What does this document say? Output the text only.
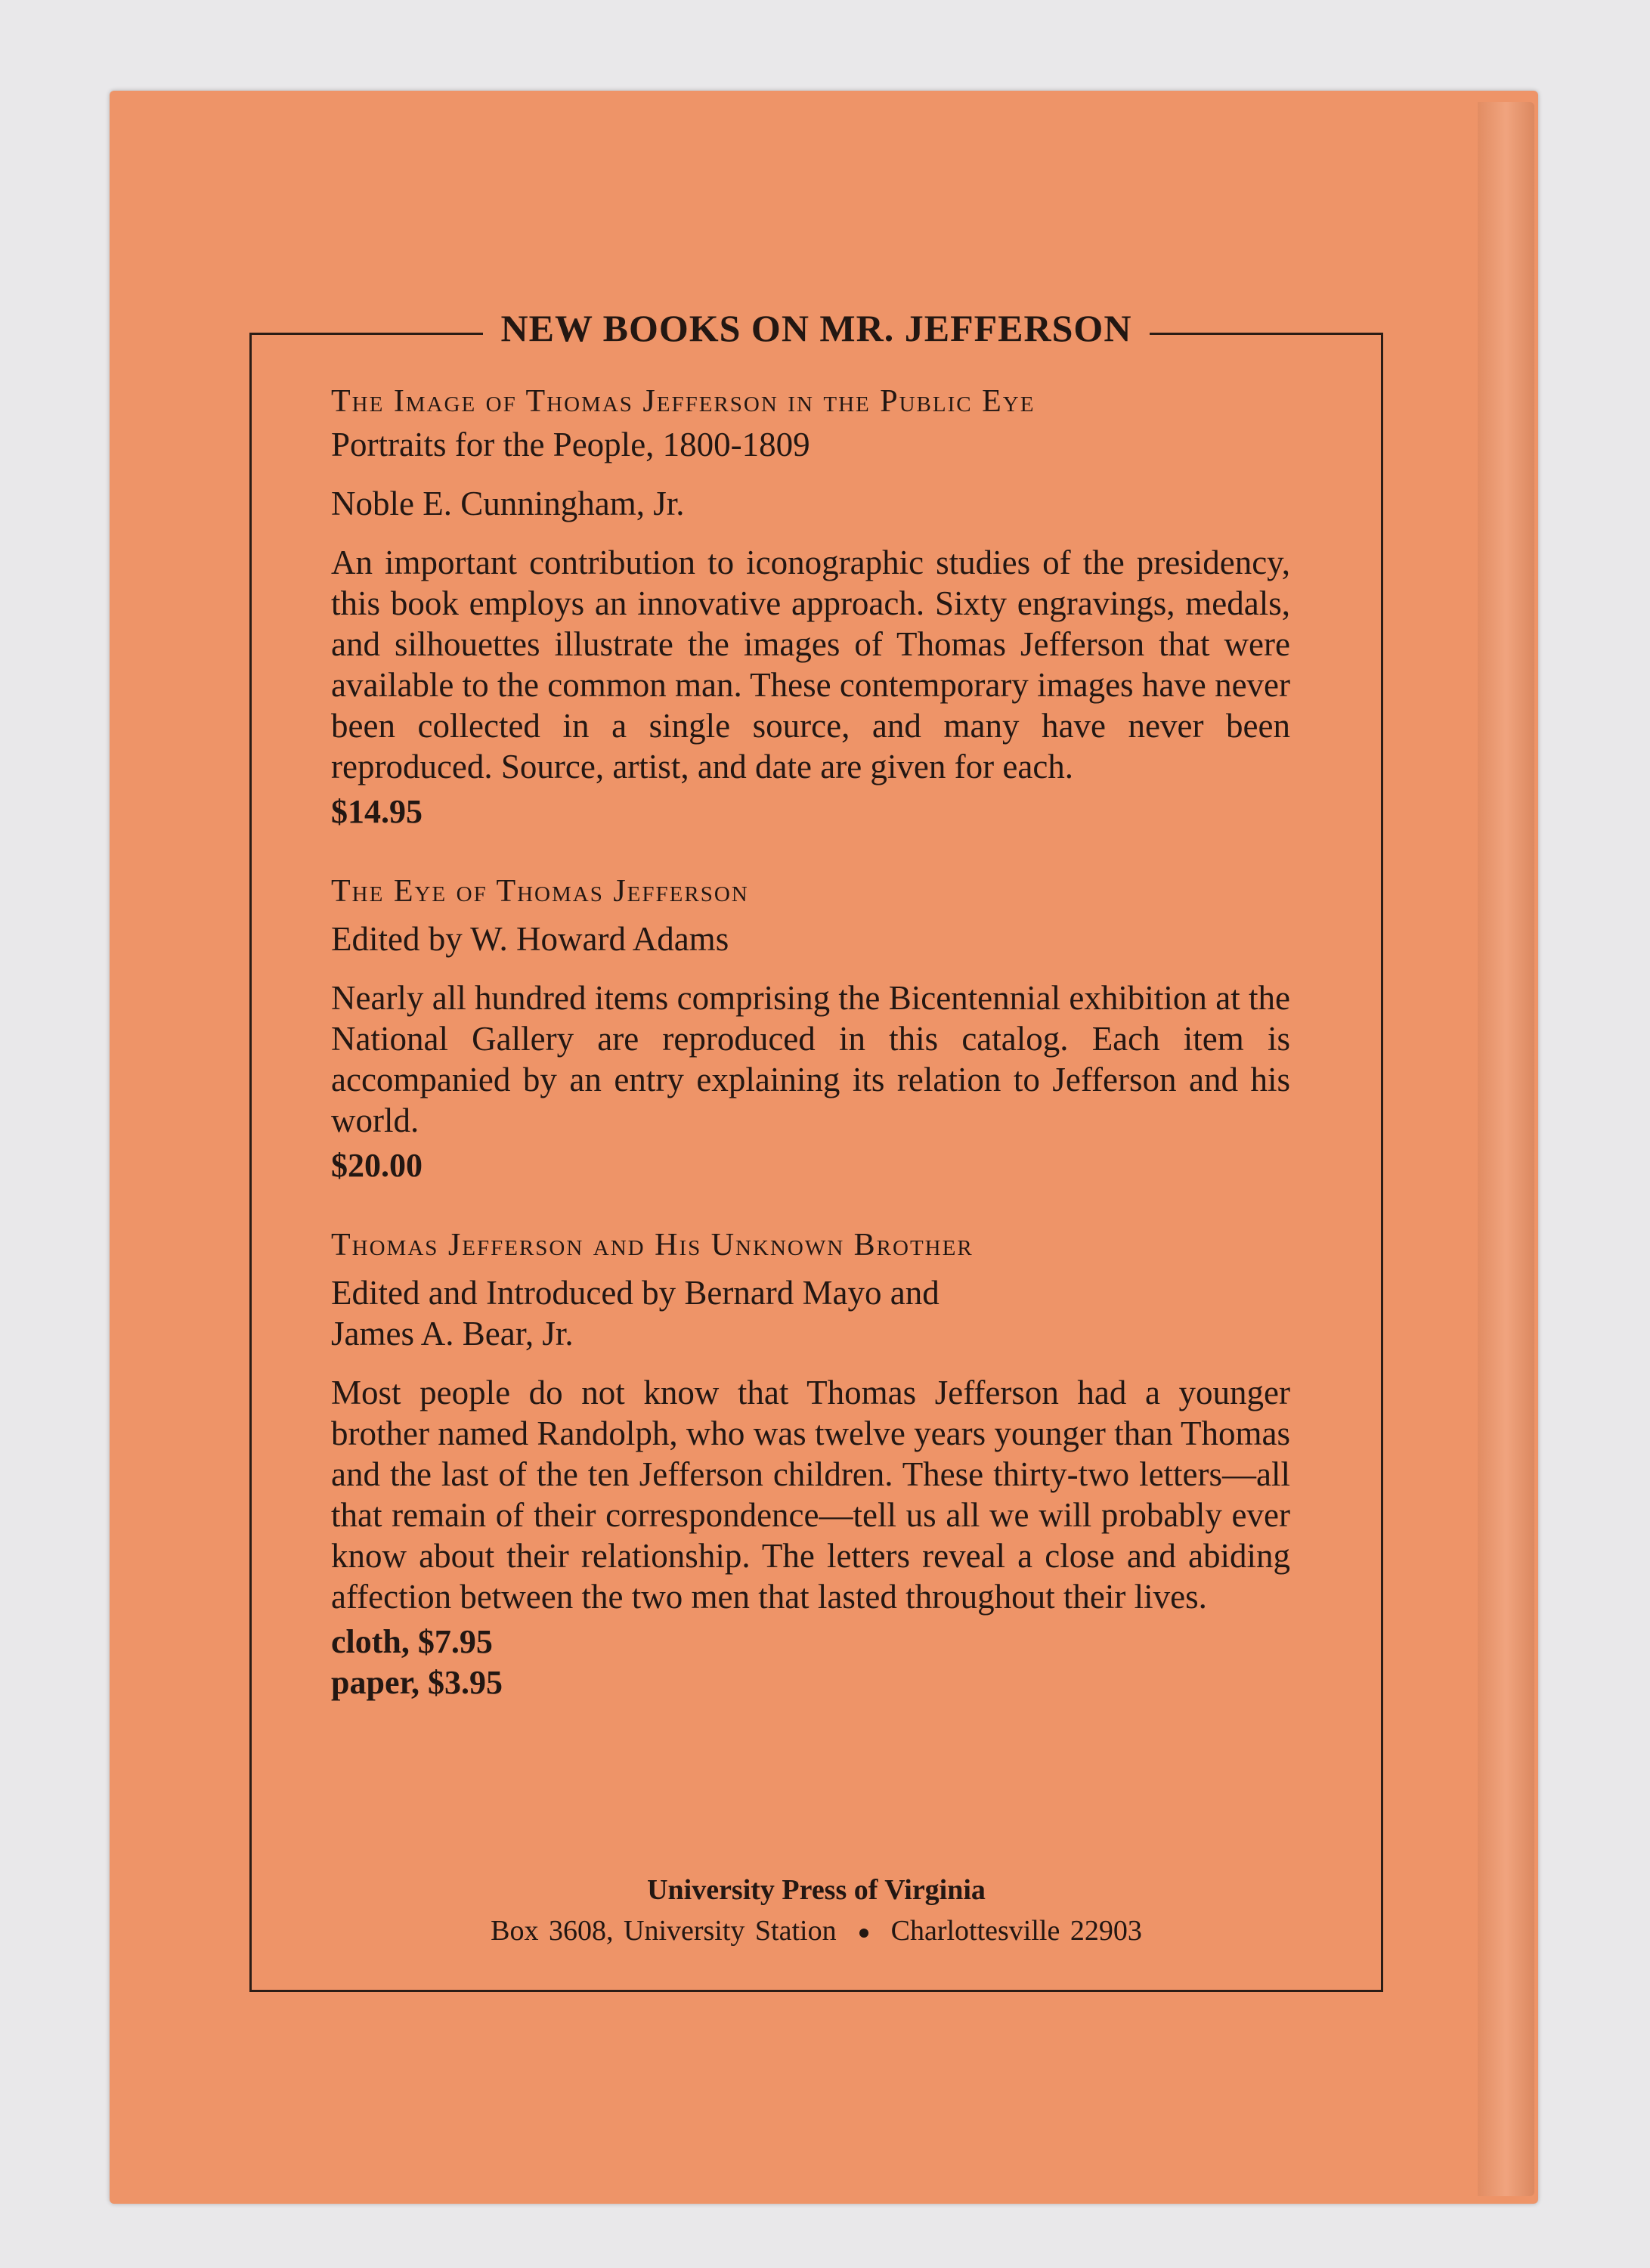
NEW BOOKS ON MR. JEFFERSON

The Image of Thomas Jefferson in the Public Eye

Portraits for the People, 1800-1809

Noble E. Cunningham, Jr.

An important contribution to iconographic studies of the presidency, this book employs an innovative approach. Sixty engravings, medals, and silhouettes illustrate the images of Thomas Jefferson that were available to the common man. These contemporary images have never been collected in a single source, and many have never been reproduced. Source, artist, and date are given for each.

$14.95

The Eye of Thomas Jefferson

Edited by W. Howard Adams

Nearly all hundred items comprising the Bicentennial exhibition at the National Gallery are reproduced in this catalog. Each item is accompanied by an entry explaining its relation to Jefferson and his world.

$20.00

Thomas Jefferson and His Unknown Brother

Edited and Introduced by Bernard Mayo and

James A. Bear, Jr.

Most people do not know that Thomas Jefferson had a younger brother named Randolph, who was twelve years younger than Thomas and the last of the ten Jefferson children. These thirty-two letters—all that remain of their correspondence—tell us all we will probably ever know about their relationship. The letters reveal a close and abiding affection between the two men that lasted throughout their lives.

cloth, $7.95

paper, $3.95

University Press of Virginia
Box 3608, University Station Charlottesville 22903
